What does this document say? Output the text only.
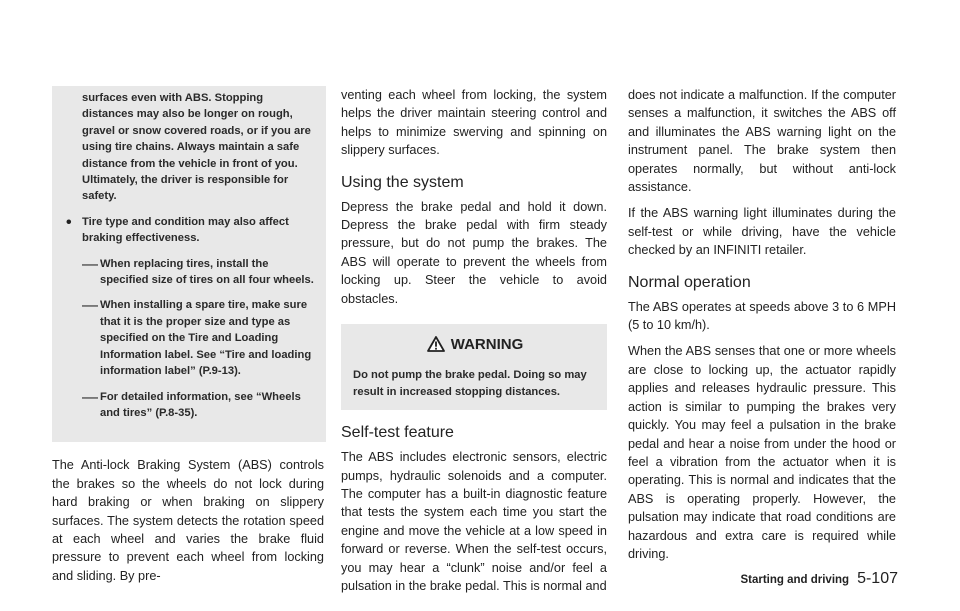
surfaces even with ABS. Stopping distances may also be longer on rough, gravel or snow covered roads, or if you are using tire chains. Always maintain a safe distance from the vehicle in front of you. Ultimately, the driver is responsible for safety.

• Tire type and condition may also affect braking effectiveness.

— When replacing tires, install the specified size of tires on all four wheels.

— When installing a spare tire, make sure that it is the proper size and type as specified on the Tire and Loading Information label. See “Tire and loading information label” (P.9-13).

— For detailed information, see “Wheels and tires” (P.8-35).

The Anti-lock Braking System (ABS) controls the brakes so the wheels do not lock during hard braking or when braking on slippery surfaces. The system detects the rotation speed at each wheel and varies the brake fluid pressure to prevent each wheel from locking and sliding. By pre-

venting each wheel from locking, the system helps the driver maintain steering control and helps to minimize swerving and spinning on slippery surfaces.

Using the system

Depress the brake pedal and hold it down. Depress the brake pedal with firm steady pressure, but do not pump the brakes. The ABS will operate to prevent the wheels from locking up. Steer the vehicle to avoid obstacles.

WARNING
Do not pump the brake pedal. Doing so may result in increased stopping distances.
Self-test feature

The ABS includes electronic sensors, electric pumps, hydraulic solenoids and a computer. The computer has a built-in diagnostic feature that tests the system each time you start the engine and move the vehicle at a low speed in forward or reverse. When the self-test occurs, you may hear a “clunk” noise and/or feel a pulsation in the brake pedal. This is normal and

does not indicate a malfunction. If the computer senses a malfunction, it switches the ABS off and illuminates the ABS warning light on the instrument panel. The brake system then operates normally, but without anti-lock assistance.

If the ABS warning light illuminates during the self-test or while driving, have the vehicle checked by an INFINITI retailer.

Normal operation

The ABS operates at speeds above 3 to 6 MPH (5 to 10 km/h).

When the ABS senses that one or more wheels are close to locking up, the actuator rapidly applies and releases hydraulic pressure. This action is similar to pumping the brakes very quickly. You may feel a pulsation in the brake pedal and hear a noise from under the hood or feel a vibration from the actuator when it is operating. This is normal and indicates that the ABS is operating properly. However, the pulsation may indicate that road conditions are hazardous and extra care is required while driving.

Starting and driving 5-107
